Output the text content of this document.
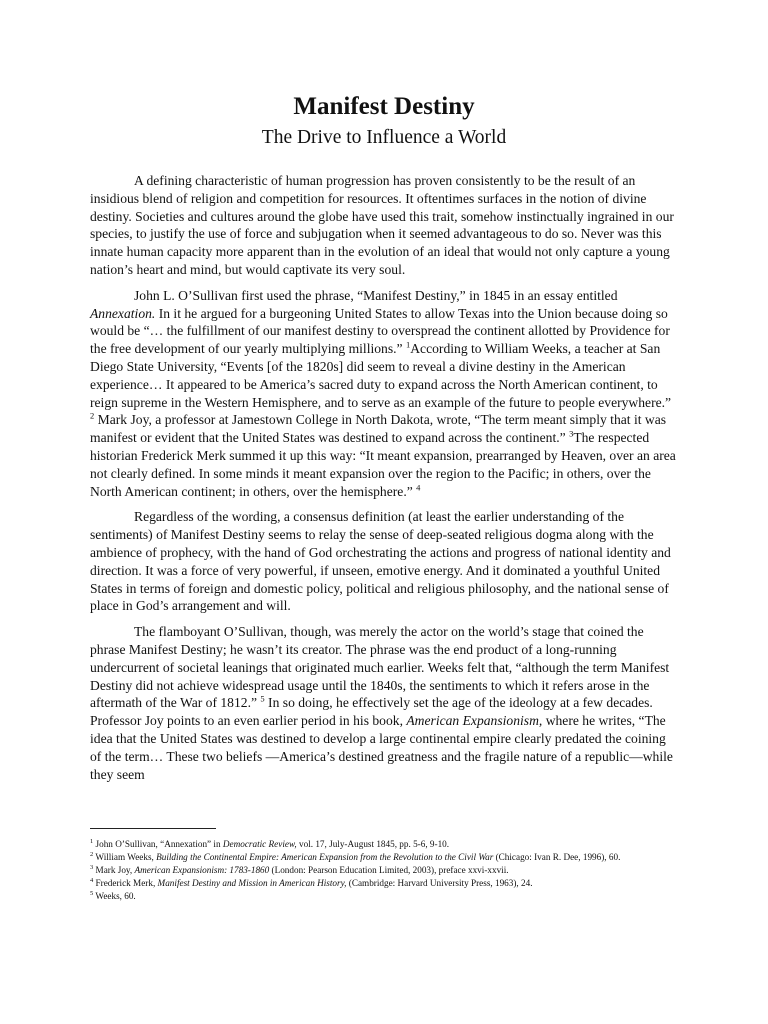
Manifest Destiny
The Drive to Influence a World

A defining characteristic of human progression has proven consistently to be the result of an insidious blend of religion and competition for resources. It oftentimes surfaces in the notion of divine destiny. Societies and cultures around the globe have used this trait, somehow instinctually ingrained in our species, to justify the use of force and subjugation when it seemed advantageous to do so. Never was this innate human capacity more apparent than in the evolution of an ideal that would not only capture a young nation’s heart and mind, but would captivate its very soul.

John L. O’Sullivan first used the phrase, “Manifest Destiny,” in 1845 in an essay entitled Annexation. In it he argued for a burgeoning United States to allow Texas into the Union because doing so would be “… the fulfillment of our manifest destiny to overspread the continent allotted by Providence for the free development of our yearly multiplying millions.” $^1$According to William Weeks, a teacher at San Diego State University, “Events [of the 1820s] did seem to reveal a divine destiny in the American experience… It appeared to be America’s sacred duty to expand across the North American continent, to reign supreme in the Western Hemisphere, and to serve as an example of the future to people everywhere.” $^2$ Mark Joy, a professor at Jamestown College in North Dakota, wrote, “The term meant simply that it was manifest or evident that the United States was destined to expand across the continent.” $^3$The respected historian Frederick Merk summed it up this way: “It meant expansion, prearranged by Heaven, over an area not clearly defined. In some minds it meant expansion over the region to the Pacific; in others, over the North American continent; in others, over the hemisphere.” $^4$

Regardless of the wording, a consensus definition (at least the earlier understanding of the sentiments) of Manifest Destiny seems to relay the sense of deep-seated religious dogma along with the ambience of prophecy, with the hand of God orchestrating the actions and progress of national identity and direction. It was a force of very powerful, if unseen, emotive energy. And it dominated a youthful United States in terms of foreign and domestic policy, political and religious philosophy, and the national sense of place in God’s arrangement and will.

The flamboyant O’Sullivan, though, was merely the actor on the world’s stage that coined the phrase Manifest Destiny; he wasn’t its creator. The phrase was the end product of a long-running undercurrent of societal leanings that originated much earlier. Weeks felt that, “although the term Manifest Destiny did not achieve widespread usage until the 1840s, the sentiments to which it refers arose in the aftermath of the War of 1812.” $^5$ In so doing, he effectively set the age of the ideology at a few decades. Professor Joy points to an even earlier period in his book, American Expansionism, where he writes, “The idea that the United States was destined to develop a large continental empire clearly predated the coining of the term… These two beliefs —America’s destined greatness and the fragile nature of a republic—while they seem

$^1$ John O’Sullivan, “Annexation” in Democratic Review, vol. 17, July-August 1845, pp. 5-6, 9-10.

$^2$ William Weeks, Building the Continental Empire: American Expansion from the Revolution to the Civil War (Chicago: Ivan R. Dee, 1996), 60.

$^3$ Mark Joy, American Expansionism: 1783-1860 (London: Pearson Education Limited, 2003), preface xxvi-xxvii.

$^4$ Frederick Merk, Manifest Destiny and Mission in American History, (Cambridge: Harvard University Press, 1963), 24.

$^5$ Weeks, 60.
